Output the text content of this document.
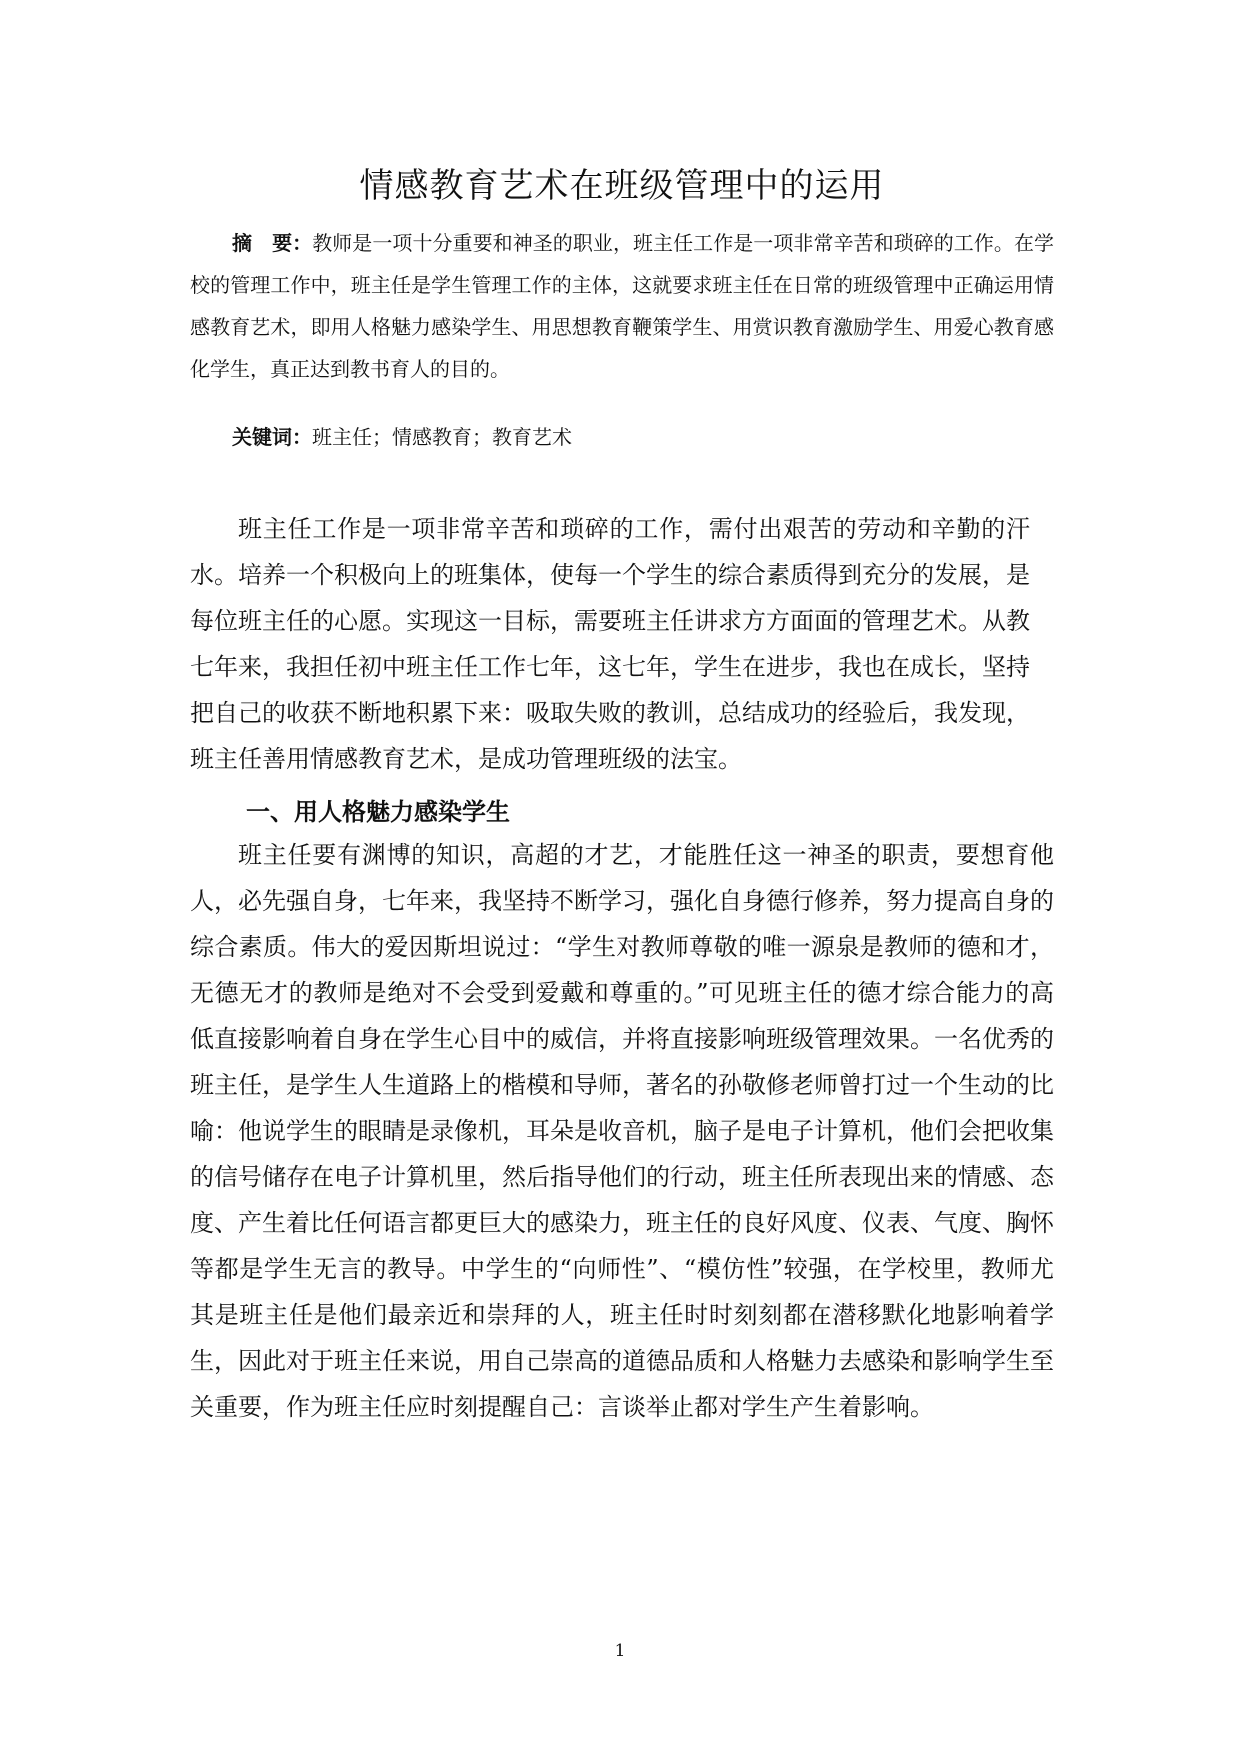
情感教育艺术在班级管理中的运用
摘　要：教师是一项十分重要和神圣的职业，班主任工作是一项非常辛苦和琐碎的工作。在学校的管理工作中，班主任是学生管理工作的主体，这就要求班主任在日常的班级管理中正确运用情感教育艺术，即用人格魅力感染学生、用思想教育鞭策学生、用赏识教育激励学生、用爱心教育感化学生，真正达到教书育人的目的。
关键词：班主任；情感教育；教育艺术

班主任工作是一项非常辛苦和琐碎的工作，需付出艰苦的劳动和辛勤的汗水。培养一个积极向上的班集体，使每一个学生的综合素质得到充分的发展，是每位班主任的心愿。实现这一目标，需要班主任讲求方方面面的管理艺术。从教七年来，我担任初中班主任工作七年，这七年，学生在进步，我也在成长，坚持把自己的收获不断地积累下来：吸取失败的教训，总结成功的经验后，我发现，班主任善用情感教育艺术，是成功管理班级的法宝。

一、用人格魅力感染学生

班主任要有渊博的知识，高超的才艺，才能胜任这一神圣的职责，要想育他人，必先强自身，七年来，我坚持不断学习，强化自身德行修养，努力提高自身的综合素质。伟大的爱因斯坦说过：“学生对教师尊敬的唯一源泉是教师的德和才，无德无才的教师是绝对不会受到爱戴和尊重的。”可见班主任的德才综合能力的高低直接影响着自身在学生心目中的威信，并将直接影响班级管理效果。一名优秀的班主任，是学生人生道路上的楷模和导师，著名的孙敬修老师曾打过一个生动的比喻：他说学生的眼睛是录像机，耳朵是收音机，脑子是电子计算机，他们会把收集的信号储存在电子计算机里，然后指导他们的行动，班主任所表现出来的情感、态度、产生着比任何语言都更巨大的感染力，班主任的良好风度、仪表、气度、胸怀等都是学生无言的教导。中学生的“向师性”、“模仿性”较强，在学校里，教师尤其是班主任是他们最亲近和崇拜的人，班主任时时刻刻都在潜移默化地影响着学生，因此对于班主任来说，用自己崇高的道德品质和人格魅力去感染和影响学生至关重要，作为班主任应时刻提醒自己：言谈举止都对学生产生着影响。

1
